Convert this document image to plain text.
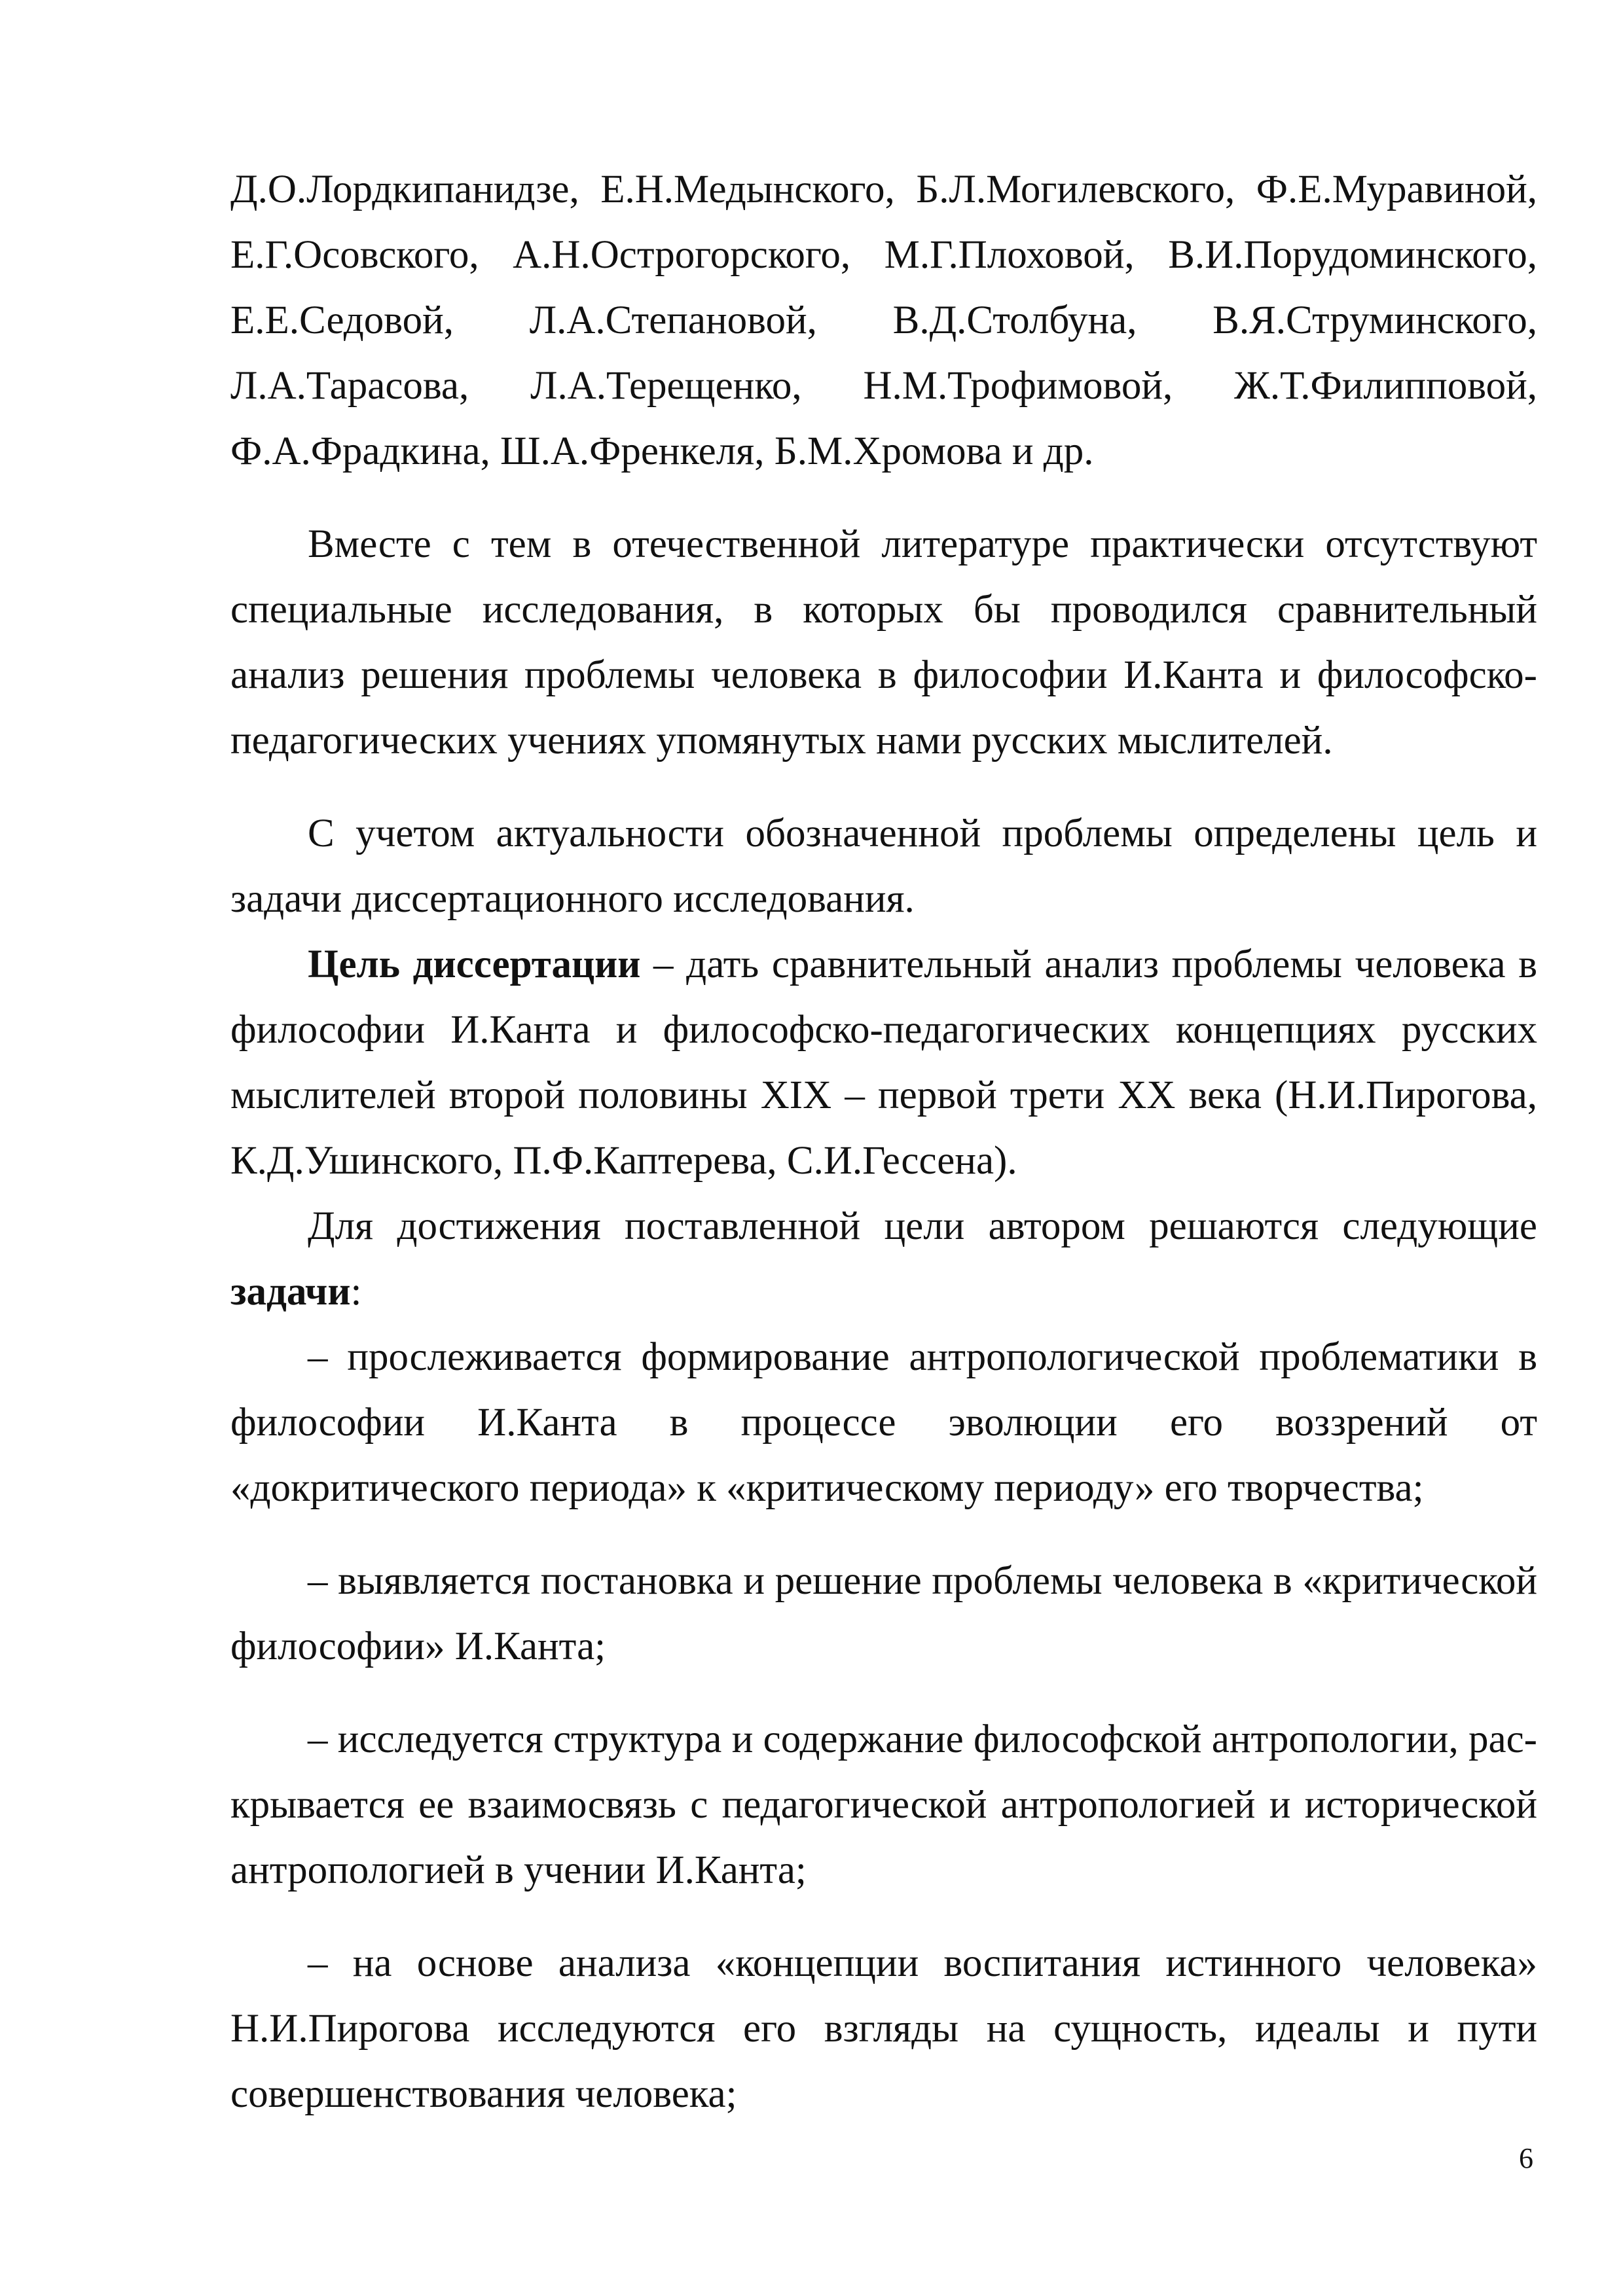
Д.О.Лордкипанидзе, Е.Н.Медынского, Б.Л.Могилевского, Ф.Е.Муравиной, Е.Г.Осовского, А.Н.Острогорского, М.Г.Плоховой, В.И.Порудоминского, Е.Е.Седовой, Л.А.Степановой, В.Д.Столбуна, В.Я.Струминского, Л.А.Тарасова, Л.А.Терещенко, Н.М.Трофимовой, Ж.Т.Филипповой, Ф.А.Фрадкина, Ш.А.Френкеля, Б.М.Хромова и др.

Вместе с тем в отечественной литературе практически отсутствуют специальные исследования, в которых бы проводился сравнительный анализ решения проблемы человека в философии И.Канта и философско-педагогических учениях упомянутых нами русских мыслителей.

С учетом актуальности обозначенной проблемы определены цель и задачи диссертационного исследования.

Цель диссертации – дать сравнительный анализ проблемы человека в философии И.Канта и философско-педагогических концепциях русских мыслителей второй половины XIX – первой трети XX века (Н.И.Пирогова, К.Д.Ушинского, П.Ф.Каптерева, С.И.Гессена).

Для достижения поставленной цели автором решаются следующие задачи:

– прослеживается формирование антропологической проблематики в философии И.Канта в процессе эволюции его воззрений от «докритического периода» к «критическому периоду» его творчества;

– выявляется постановка и решение проблемы человека в «критической философии» И.Канта;

– исследуется структура и содержание философской антропологии, раскрывается ее взаимосвязь с педагогической антропологией и исторической антропологией в учении И.Канта;

– на основе анализа «концепции воспитания истинного человека» Н.И.Пирогова исследуются его взгляды на сущность, идеалы и пути совершенствования человека;

6
